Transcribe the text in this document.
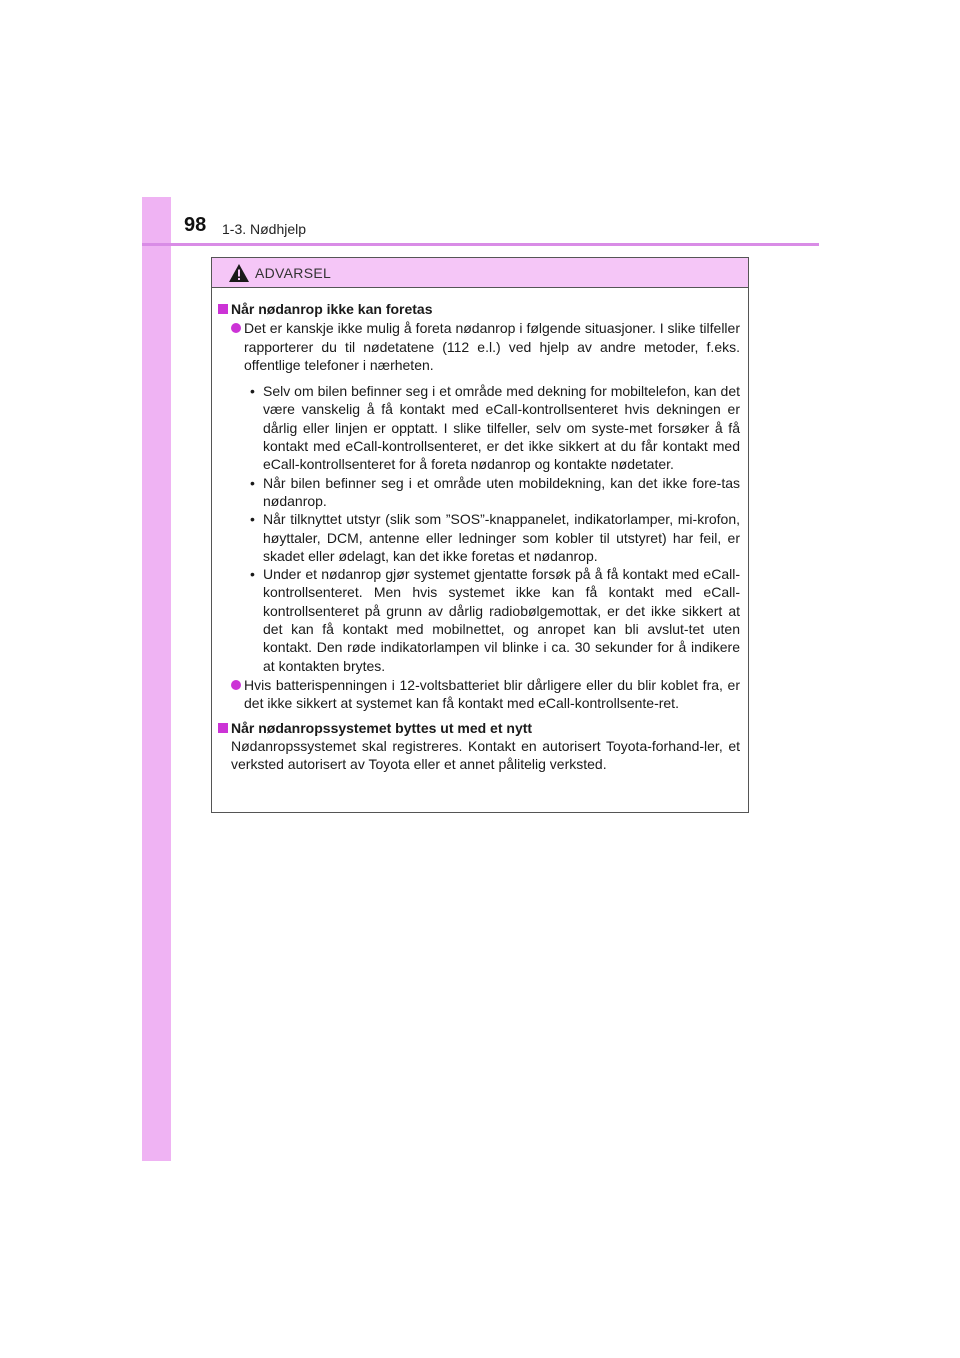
98 1-3. Nødhjelp
ADVARSEL

Når nødanrop ikke kan foretas

Det er kanskje ikke mulig å foreta nødanrop i følgende situasjoner. I slike tilfeller rapporterer du til nødetatene (112 e.l.) ved hjelp av andre metoder, f.eks. offentlige telefoner i nærheten.

• Selv om bilen befinner seg i et område med dekning for mobiltelefon, kan det være vanskelig å få kontakt med eCall-kontrollsenteret hvis dekningen er dårlig eller linjen er opptatt. I slike tilfeller, selv om syste-met forsøker å få kontakt med eCall-kontrollsenteret, er det ikke sikkert at du får kontakt med eCall-kontrollsenteret for å foreta nødanrop og kontakte nødetater.

• Når bilen befinner seg i et område uten mobildekning, kan det ikke fore-tas nødanrop.

• Når tilknyttet utstyr (slik som ”SOS”-knappanelet, indikatorlamper, mi-krofon, høyttaler, DCM, antenne eller ledninger som kobler til utstyret) har feil, er skadet eller ødelagt, kan det ikke foretas et nødanrop.

• Under et nødanrop gjør systemet gjentatte forsøk på å få kontakt med eCall-kontrollsenteret. Men hvis systemet ikke kan få kontakt med eCall-kontrollsenteret på grunn av dårlig radiobølgemottak, er det ikke sikkert at det kan få kontakt med mobilnettet, og anropet kan bli avslut-tet uten kontakt. Den røde indikatorlampen vil blinke i ca. 30 sekunder for å indikere at kontakten brytes.

Hvis batterispenningen i 12-voltsbatteriet blir dårligere eller du blir koblet fra, er det ikke sikkert at systemet kan få kontakt med eCall-kontrollsente-ret.

Når nødanropssystemet byttes ut med et nytt

Nødanropssystemet skal registreres. Kontakt en autorisert Toyota-forhand-ler, et verksted autorisert av Toyota eller et annet pålitelig verksted.
